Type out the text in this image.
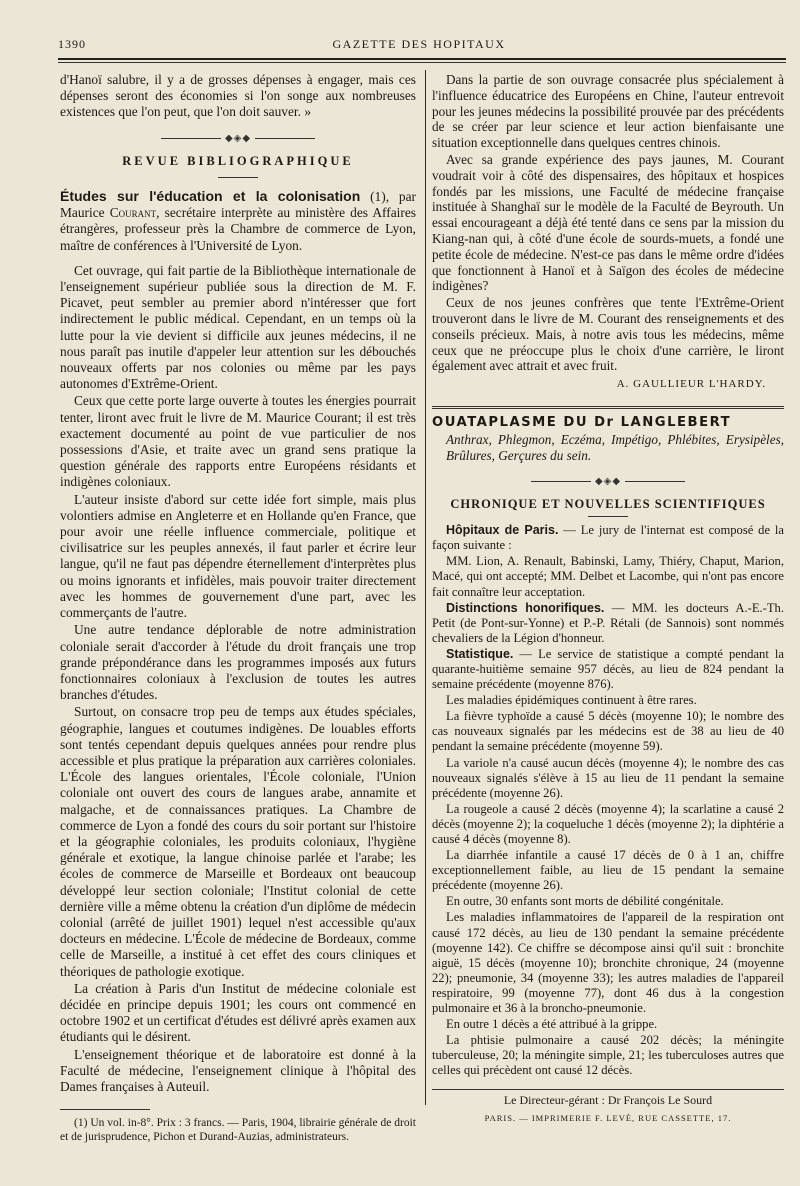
1390	GAZETTE DES HOPITAUX

d'Hanoï salubre, il y a de grosses dépenses à engager, mais ces dépenses seront des économies si l'on songe aux nombreuses existences que l'on peut, que l'on doit sauver. »

◆◈◆
REVUE BIBLIOGRAPHIQUE

Études sur l'éducation et la colonisation (1), par Maurice Courant, secrétaire interprète au ministère des Affaires étrangères, professeur près la Chambre de commerce de Lyon, maître de conférences à l'Université de Lyon.

Cet ouvrage, qui fait partie de la Bibliothèque internationale de l'enseignement supérieur publiée sous la direction de M. F. Picavet, peut sembler au premier abord n'intéresser que fort indirectement le public médical. Cependant, en un temps où la lutte pour la vie devient si difficile aux jeunes médecins, il ne nous paraît pas inutile d'appeler leur attention sur les débouchés nouveaux offerts par nos colonies ou même par les pays autonomes d'Extrême-Orient.

Ceux que cette porte large ouverte à toutes les énergies pourrait tenter, liront avec fruit le livre de M. Maurice Courant; il est très exactement documenté au point de vue particulier de nos possessions d'Asie, et traite avec un grand sens pratique la question générale des rapports entre Européens résidants et indigènes coloniaux.

L'auteur insiste d'abord sur cette idée fort simple, mais plus volontiers admise en Angleterre et en Hollande qu'en France, que pour avoir une réelle influence commerciale, politique et civilisatrice sur les peuples annexés, il faut parler et écrire leur langue, qu'il ne faut pas dépendre éternellement d'interprètes plus ou moins ignorants et infidèles, mais pouvoir traiter directement avec les hommes de gouvernement d'une part, avec les commerçants de l'autre.

Une autre tendance déplorable de notre administration coloniale serait d'accorder à l'étude du droit français une trop grande prépondérance dans les programmes imposés aux futurs fonctionnaires coloniaux à l'exclusion de toutes les autres branches d'études.

Surtout, on consacre trop peu de temps aux études spéciales, géographie, langues et coutumes indigènes. De louables efforts sont tentés cependant depuis quelques années pour rendre plus accessible et plus pratique la préparation aux carrières coloniales. L'École des langues orientales, l'École coloniale, l'Union coloniale ont ouvert des cours de langues arabe, annamite et malgache, et de connaissances pratiques. La Chambre de commerce de Lyon a fondé des cours du soir portant sur l'histoire et la géographie coloniales, les produits coloniaux, l'hygiène générale et exotique, la langue chinoise parlée et l'arabe; les écoles de commerce de Marseille et Bordeaux ont beaucoup développé leur section coloniale; l'Institut colonial de cette dernière ville a même obtenu la création d'un diplôme de médecin colonial (arrêté de juillet 1901) lequel n'est accessible qu'aux docteurs en médecine. L'École de médecine de Bordeaux, comme celle de Marseille, a institué à cet effet des cours cliniques et théoriques de pathologie exotique.

La création à Paris d'un Institut de médecine coloniale est décidée en principe depuis 1901; les cours ont commencé en octobre 1902 et un certificat d'études est délivré après examen aux étudiants qui le désirent.

L'enseignement théorique et de laboratoire est donné à la Faculté de médecine, l'enseignement clinique à l'hôpital des Dames françaises à Auteuil.

(1) Un vol. in-8°. Prix : 3 francs. — Paris, 1904, librairie générale de droit et de jurisprudence, Pichon et Durand-Auzias, administrateurs.

Dans la partie de son ouvrage consacrée plus spécialement à l'influence éducatrice des Européens en Chine, l'auteur entrevoit pour les jeunes médecins la possibilité prouvée par des précédents de se créer par leur science et leur action bienfaisante une situation exceptionnelle dans quelques centres chinois.

Avec sa grande expérience des pays jaunes, M. Courant voudrait voir à côté des dispensaires, des hôpitaux et hospices fondés par les missions, une Faculté de médecine française instituée à Shanghaï sur le modèle de la Faculté de Beyrouth. Un essai encourageant a déjà été tenté dans ce sens par la mission du Kiang-nan qui, à côté d'une école de sourds-muets, a fondé une petite école de médecine. N'est-ce pas dans le même ordre d'idées que fonctionnent à Hanoï et à Saïgon des écoles de médecine indigènes?

Ceux de nos jeunes confrères que tente l'Extrême-Orient trouveront dans le livre de M. Courant des renseignements et des conseils précieux. Mais, à notre avis tous les médecins, même ceux que ne préoccupe plus le choix d'une carrière, le liront également avec attrait et avec fruit.

A. GAULLIEUR L'HARDY.

OUATAPLASME DU Dr LANGLEBERT

Anthrax, Phlegmon, Eczéma, Impétigo, Phlébites, Erysipèles, Brûlures, Gerçures du sein.

◆◈◆
CHRONIQUE ET NOUVELLES SCIENTIFIQUES

Hôpitaux de Paris. — Le jury de l'internat est composé de la façon suivante :

MM. Lion, A. Renault, Babinski, Lamy, Thiéry, Chaput, Marion, Macé, qui ont accepté; MM. Delbet et Lacombe, qui n'ont pas encore fait connaître leur acceptation.

Distinctions honorifiques. — MM. les docteurs A.-E.-Th. Petit (de Pont-sur-Yonne) et P.-P. Rétali (de Sannois) sont nommés chevaliers de la Légion d'honneur.

Statistique. — Le service de statistique a compté pendant la quarante-huitième semaine 957 décès, au lieu de 824 pendant la semaine précédente (moyenne 876).

Les maladies épidémiques continuent à être rares.

La fièvre typhoïde a causé 5 décès (moyenne 10); le nombre des cas nouveaux signalés par les médecins est de 38 au lieu de 40 pendant la semaine précédente (moyenne 59).

La variole n'a causé aucun décès (moyenne 4); le nombre des cas nouveaux signalés s'élève à 15 au lieu de 11 pendant la semaine précédente (moyenne 26).

La rougeole a causé 2 décès (moyenne 4); la scarlatine a causé 2 décès (moyenne 2); la coqueluche 1 décès (moyenne 2); la diphtérie a causé 4 décès (moyenne 8).

La diarrhée infantile a causé 17 décès de 0 à 1 an, chiffre exceptionnellement faible, au lieu de 15 pendant la semaine précédente (moyenne 26).

En outre, 30 enfants sont morts de débilité congénitale.

Les maladies inflammatoires de l'appareil de la respiration ont causé 172 décès, au lieu de 130 pendant la semaine précédente (moyenne 142). Ce chiffre se décompose ainsi qu'il suit : bronchite aiguë, 15 décès (moyenne 10); bronchite chronique, 24 (moyenne 22); pneumonie, 34 (moyenne 33); les autres maladies de l'appareil respiratoire, 99 (moyenne 77), dont 46 dus à la congestion pulmonaire et 36 à la broncho-pneumonie.

En outre 1 décès a été attribué à la grippe.

La phtisie pulmonaire a causé 202 décès; la méningite tuberculeuse, 20; la méningite simple, 21; les tuberculoses autres que celles qui précèdent ont causé 12 décès.

Le Directeur-gérant : Dr François Le Sourd
PARIS. — IMPRIMERIE F. LEVÉ, RUE CASSETTE, 17.
